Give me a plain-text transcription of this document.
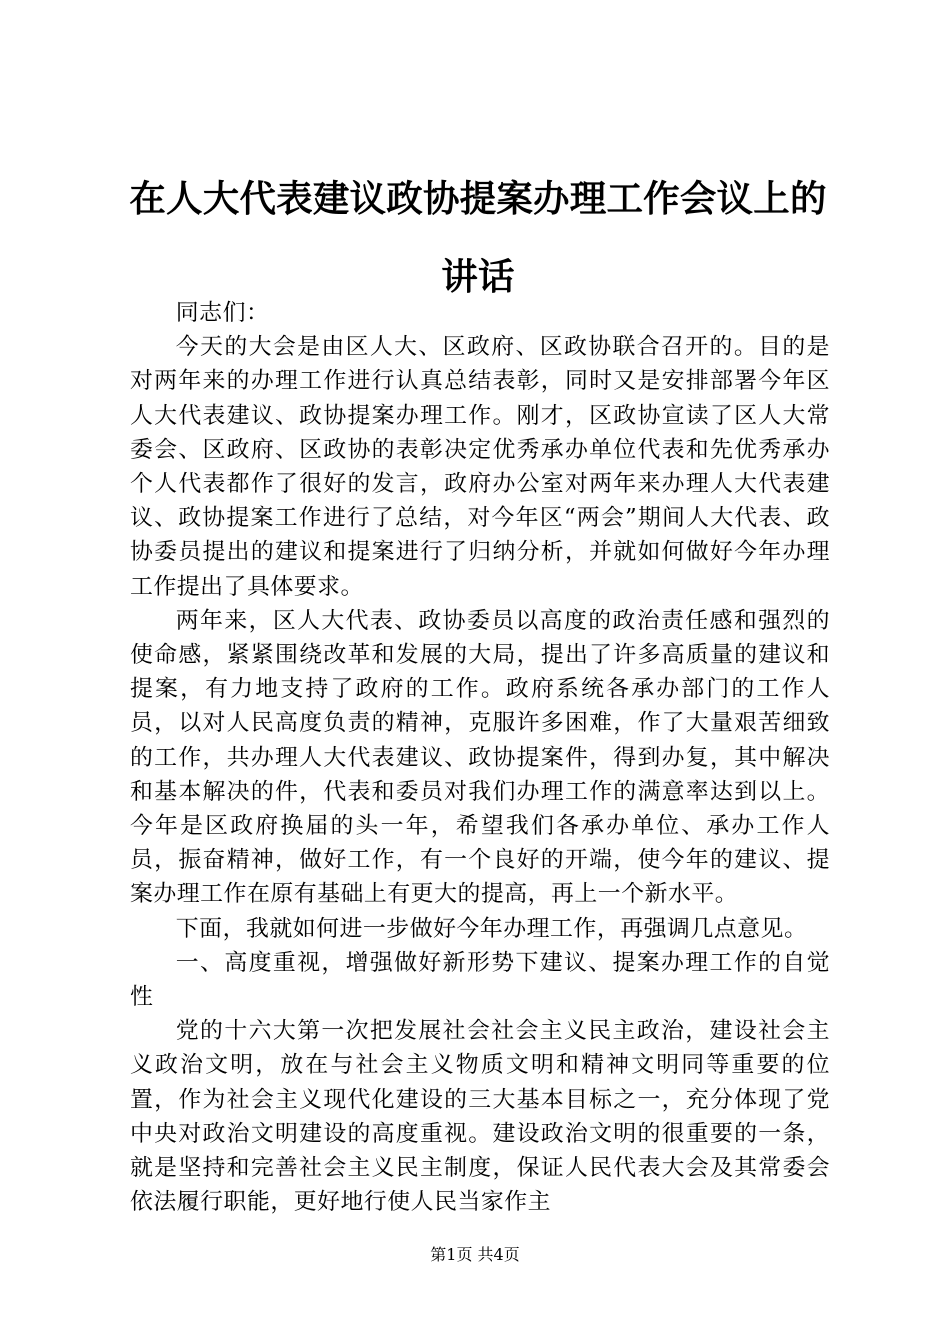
在人大代表建议政协提案办理工作会议上的讲话

同志们：

今天的大会是由区人大、区政府、区政协联合召开的。目的是对两年来的办理工作进行认真总结表彰，同时又是安排部署今年区人大代表建议、政协提案办理工作。刚才，区政协宣读了区人大常委会、区政府、区政协的表彰决定优秀承办单位代表和先优秀承办个人代表都作了很好的发言，政府办公室对两年来办理人大代表建议、政协提案工作进行了总结，对今年区“两会”期间人大代表、政协委员提出的建议和提案进行了归纳分析，并就如何做好今年办理工作提出了具体要求。

两年来，区人大代表、政协委员以高度的政治责任感和强烈的使命感，紧紧围绕改革和发展的大局，提出了许多高质量的建议和提案，有力地支持了政府的工作。政府系统各承办部门的工作人员，以对人民高度负责的精神，克服许多困难，作了大量艰苦细致的工作，共办理人大代表建议、政协提案件，得到办复，其中解决和基本解决的件，代表和委员对我们办理工作的满意率达到以上。今年是区政府换届的头一年，希望我们各承办单位、承办工作人员，振奋精神，做好工作，有一个良好的开端，使今年的建议、提案办理工作在原有基础上有更大的提高，再上一个新水平。

下面，我就如何进一步做好今年办理工作，再强调几点意见。

一、高度重视，增强做好新形势下建议、提案办理工作的自觉性

党的十六大第一次把发展社会社会主义民主政治，建设社会主义政治文明，放在与社会主义物质文明和精神文明同等重要的位置，作为社会主义现代化建设的三大基本目标之一，充分体现了党中央对政治文明建设的高度重视。建设政治文明的很重要的一条，就是坚持和完善社会主义民主制度，保证人民代表大会及其常委会依法履行职能，更好地行使人民当家作主

第1页 共4页
